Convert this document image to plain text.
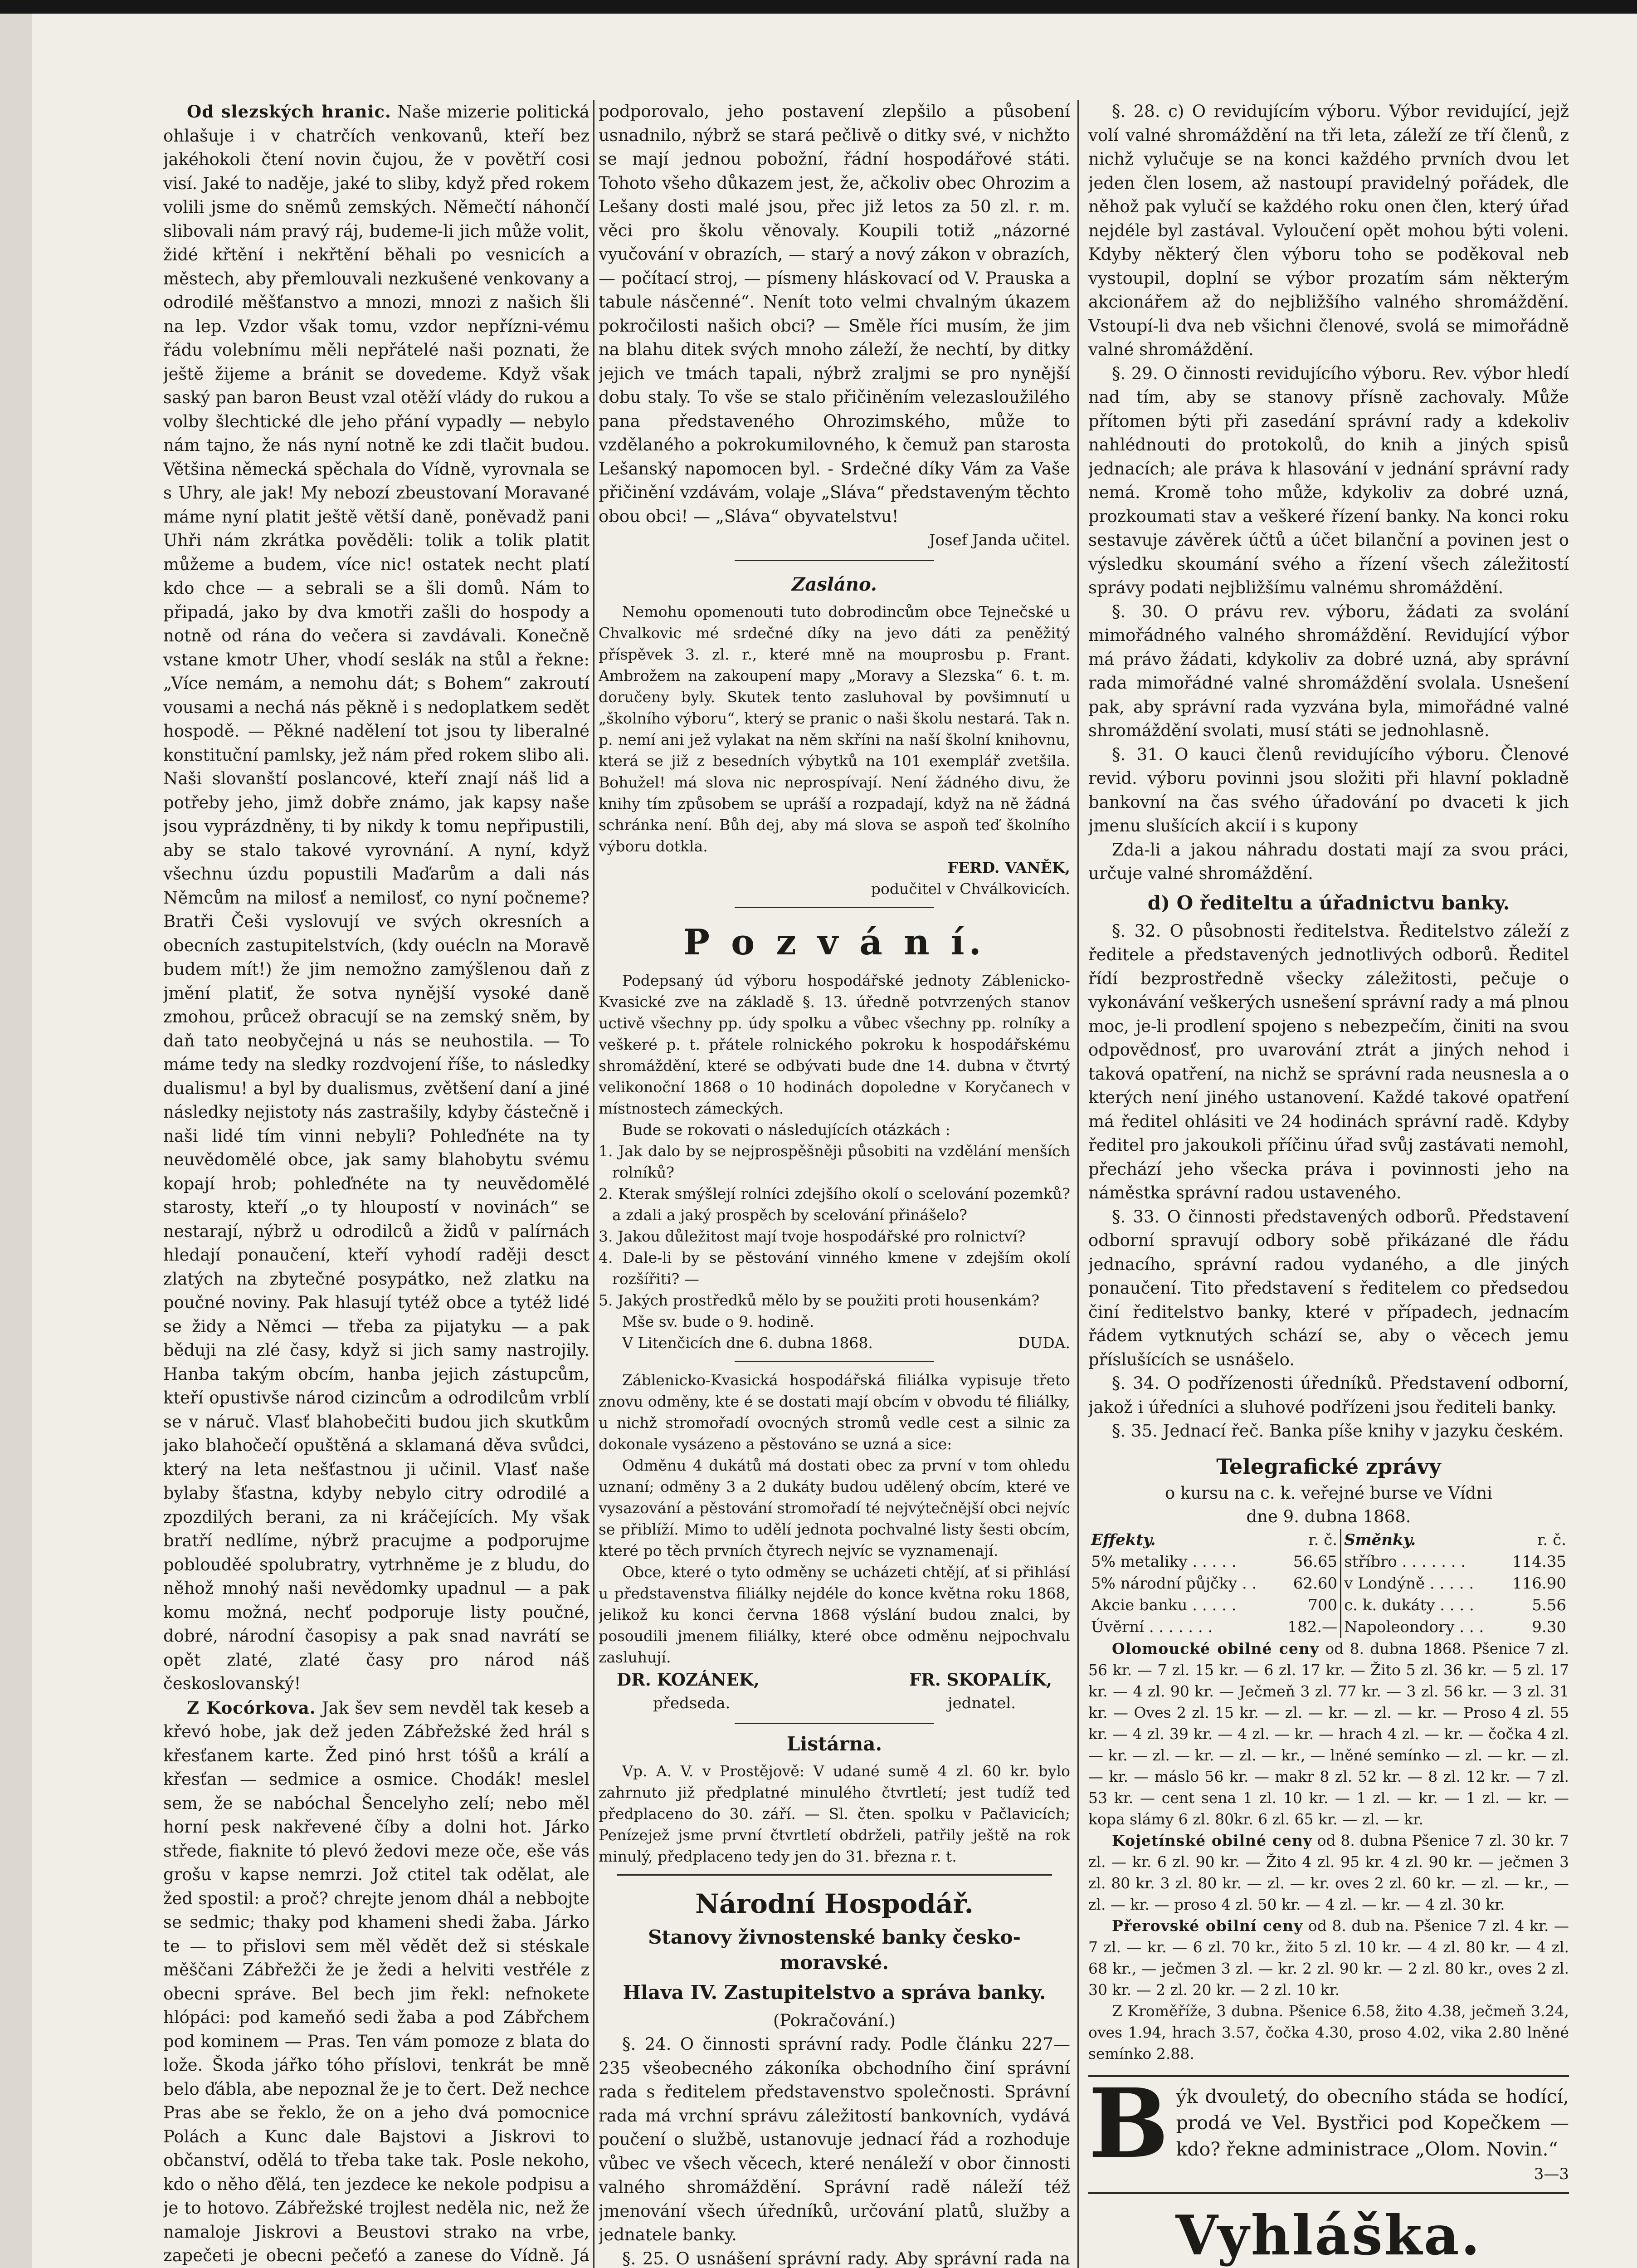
Od slezských hranic. Naše mizerie politická ohlašuje i v chatrčích venkovanů, kteří bez jakéhokoli čtení novin čujou, že v povětří cosi visí. Jaké to naděje, jaké to sliby, když před rokem volili jsme do sněmů zemských. Němečtí náhončí slibovali nám pravý ráj, budeme-li jich může volit, židé křtění i nekřtění běhali po vesnicích a městech, aby přemlouvali nezkušené venkovany a odrodilé měšťanstvo a mnozi, mnozi z našich šli na lep. Vzdor však tomu, vzdor nepřízni-vému řádu volebnímu měli nepřátelé naši poznati, že ještě žijeme a bránit se dovedeme. Když však saský pan baron Beust vzal otěží vlády do rukou a volby šlechtické dle jeho přání vypadly — nebylo nám tajno, že nás nyní notně ke zdi tlačit budou. Většina německá spěchala do Vídně, vyrovnala se s Uhry, ale jak! My nebozí zbeustovaní Moravané máme nyní platit ještě větší daně, poněvadž pani Uhři nám zkrátka pověděli: tolik a tolik platit můžeme a budem, více nic! ostatek necht platí kdo chce — a sebrali se a šli domů. Nám to připadá, jako by dva kmotři zašli do hospody a notně od rána do večera si zavdávali. Konečně vstane kmotr Uher, vhodí seslák na stůl a řekne: „Více nemám, a nemohu dát; s Bohem“ zakroutí vousami a nechá nás pěkně i s nedoplatkem sedět hospodě. — Pěkné nadělení tot jsou ty liberalné konstituční pamlsky, jež nám před rokem slibo ali. Naši slovanští poslancové, kteří znají náš lid a potřeby jeho, jimž dobře známo, jak kapsy naše jsou vyprázdněny, ti by nikdy k tomu nepřipustili, aby se stalo takové vyrovnání. A nyní, když všechnu úzdu popustili Maďarům a dali nás Němcům na milosť a nemilosť, co nyní počneme? Bratři Češi vyslovují ve svých okresních a obecních zastupitelstvích, (kdy ouécln na Moravě budem mít!) že jim nemožno zamýšlenou daň z jmění platiť, že sotva nynější vysoké daně zmohou, průcež obracují se na zemský sněm, by daň tato neobyčejná u nás se neuhostila. — To máme tedy na sledky rozdvojení říše, to následky dualismu! a byl by dualismus, zvětšení daní a jiné následky nejistoty nás zastrašily, kdyby částečně i naši lidé tím vinni nebyli? Pohleďnéte na ty neuvědomělé obce, jak samy blahobytu svému kopají hrob; pohleďnéte na ty neuvědomělé starosty, kteří „o ty hloupostí v novinách“ se nestarají, nýbrž u odrodilců a židů v palírnách hledají ponaučení, kteří vyhodí raději desct zlatých na zbytečné posypátko, než zlatku na poučné noviny. Pak hlasují tytéž obce a tytéž lidé se židy a Němci — třeba za pijatyku — a pak běduji na zlé časy, když si jich samy nastrojily. Hanba takým obcím, hanba jejich zástupcům, kteří opustivše národ cizincům a odrodilcům vrblí se v náruč. Vlasť blahobečiti budou jich skutkům jako blahočečí opuštěná a sklamaná děva svůdci, který na leta nešťastnou ji učinil. Vlasť naše bylaby šťastna, kdyby nebylo citry odrodilé a zpozdilých berani, za ni kráčejících. My však bratří nedlíme, nýbrž pracujme a podporujme poblouděé spolubratry, vytrhněme je z bludu, do něhož mnohý naši nevědomky upadnul — a pak komu možná, nechť podporuje listy poučné, dobré, národní časopisy a pak snad navrátí se opět zlaté, zlaté časy pro národ náš českoslovanský!

Z Kocórkova. Jak šev sem nevděl tak keseb a křevó hobe, jak dež jeden Zábřežské žed hrál s křesťanem karte. Žed pinó hrst tóšů a králí a křesťan — sedmice a osmice. Chodák! meslel sem, že se nabóchal Šencelyho zelí; nebo měl horní pesk nakřevené číby a dolni hot. Járko střede, fiaknite tó plevó žedovi meze oče, eše vás grošu v kapse nemrzi. Jož ctitel tak odělat, ale žed spostil: a proč? chrejte jenom dhál a nebbojte se sedmic; thaky pod khameni shedi žaba. Járko te — to přislovi sem měl vědět dež si stéskale měščani Zábřežči že je žedi a helviti vestřéle z obecni správe. Bel bech jim řekl: nefnokete hlópáci: pod kameňó sedi žaba a pod Zábřchem pod kominem — Pras. Ten vám pomoze z blata do lože. Škoda jářko tóho příslovi, tenkrát be mně belo ďábla, abe nepoznal že je to čert. Dež nechce Pras abe se řeklo, že on a jeho dvá pomocnice Polách a Kunc dale Bajstovi a Jiskrovi to občanství, odělá to třeba take tak. Posle nekoho, kdo o něho ďělá, ten jezdece ke nekole podpisu a je to hotovo. Zábřežské trojlest neděla nic, než že namaloje Jiskrovi a Beustovi strako na vrbe, zapečeti je obecni pečeťó a zanese do Vídně. Já

podporovalo, jeho postavení zlepšilo a působení usnadnilo, nýbrž se stará pečlivě o ditky své, v nichžto se mají jednou pobožní, řádní hospodářové státi. Tohoto všeho důkazem jest, že, ačkoliv obec Ohrozim a Lešany dosti malé jsou, přec již letos za 50 zl. r. m. věci pro školu věnovaly. Koupili totiž „názorné vyučování v obrazích, — starý a nový zákon v obrazích, — počítací stroj, — písmeny hláskovací od V. Prauska a tabule násčenné“. Nenít toto velmi chvalným úkazem pokročilosti našich obci? — Směle říci musím, že jim na blahu ditek svých mnoho záleží, že nechtí, by ditky jejich ve tmách tapali, nýbrž zraljmi se pro nynější dobu staly. To vše se stalo přičiněním velezasloužilého pana představeného Ohrozimského, může to vzdělaného a pokrokumilovného, k čemuž pan starosta Lešanský napomocen byl. - Srdečné díky Vám za Vaše přičinění vzdávám, volaje „Sláva“ představeným těchto obou obci! — „Sláva“ obyvatelstvu!

Josef Janda učitel.

Zasláno.

Nemohu opomenouti tuto dobrodincům obce Tejnečské u Chvalkovic mé srdečné díky na jevo dáti za peněžitý příspěvek 3. zl. r., které mně na mouprosbu p. Frant. Ambrožem na zakoupení mapy „Moravy a Slezska“ 6. t. m. doručeny byly. Skutek tento zasluhoval by povšimnutí u „školního výboru“, který se pranic o naši školu nestará. Tak n. p. nemí ani jež vylakat na něm skříni na naší školní knihovnu, která se již z besedních výbytků na 101 exemplář zvetšila. Bohužel! má slova nic neprospívají. Není žádného divu, že knihy tím způsobem se upráší a rozpadají, když na ně žádná schránka není. Bůh dej, aby má slova se aspoň teď školního výboru dotkla.

FERD. VANĚK,

podučitel v Chválkovicích.

P o z v á n í.

Podepsaný úd výboru hospodářské jednoty Záblenicko-Kvasické zve na základě §. 13. úředně potvrzených stanov uctivě všechny pp. údy spolku a vůbec všechny pp. rolníky a veškeré p. t. přátele rolnického pokroku k hospodářskému shromáždění, které se odbývati bude dne 14. dubna v čtvrtý velikonoční 1868 o 10 hodinách dopoledne v Koryčanech v místnostech zámeckých.

Bude se rokovati o následujících otázkách :

1. Jak dalo by se nejprospěšněji působiti na vzdělání menších rolníků?

2. Kterak smýšlejí rolníci zdejšího okolí o scelování pozemků? a zdali a jaký prospěch by scelování přinášelo?

3. Jakou důležitost mají tvoje hospodářské pro rolnictví?

4. Dale-li by se pěstování vinného kmene v zdejším okolí rozšířiti? —

5. Jakých prostředků mělo by se použiti proti housenkám?

Mše sv. bude o 9. hodině.

V Litenčicích dne 6. dubna 1868.	DUDA.

Záblenicko-Kvasická hospodářská filiálka vypisuje třeto znovu odměny, kte é se dostati mají obcím v obvodu té filiálky, u nichž stromořadí ovocných stromů vedle cest a silnic za dokonale vysázeno a pěstováno se uzná a sice:

Odměnu 4 dukátů má dostati obec za první v tom ohledu uznaní; odměny 3 a 2 dukáty budou udělený obcím, které ve vysazování a pěstování stromořadí té nejvýtečnější obci nejvíc se přiblíží. Mimo to udělí jednota pochvalné listy šesti obcím, které po těch prvních čtyrech nejvíc se vyznamenají.

Obce, které o tyto odměny se ucházeti chtějí, ať si přihlásí u představenstva filiálky nejdéle do konce května roku 1868, jelikož ku konci června 1868 výslání budou znalci, by posoudili jmenem filiálky, které obce odměnu nejpochvalu zasluhují.

DR. KOZÁNEK,	FR. SKOPALÍK,
předseda.	jednatel.

Listárna.

Vp. A. V. v Prostějově: V udané sumě 4 zl. 60 kr. bylo zahrnuto již předplatné minulého čtvrtletí; jest tudíž teď předplaceno do 30. září. — Sl. čten. spolku v Pačlavicích; Penízejež jsme první čtvrtletí obdrželi, patřily ještě na rok minulý, předplaceno tedy jen do 31. března r. t.

Národní Hospodář.

Stanovy živnostenské banky česko-moravské.

Hlava IV. Zastupitelstvo a správa banky.

(Pokračování.)

§. 24. O činnosti správní rady. Podle článku 227—235 všeobecného zákoníka obchodního činí správní rada s ředitelem představenstvo společnosti. Správní rada má vrchní správu záležitostí bankovních, vydává poučení o službě, ustanovuje jednací řád a rozhoduje vůbec ve všech věcech, které nenáleží v obor činnosti valného shromáždění. Správní radě náleží též jmenování všech úředníků, určování platů, služby a jednatele banky.

§. 25. O usnášení správní rady. Aby správní rada na

§. 28. c) O revidujícím výboru. Výbor revidující, jejž volí valné shromáždění na tři leta, záleží ze tří členů, z nichž vylučuje se na konci každého prvních dvou let jeden člen losem, až nastoupí pravidelný pořádek, dle něhož pak vylučí se každého roku onen člen, který úřad nejdéle byl zastával. Vyloučení opět mohou býti voleni. Kdyby některý člen výboru toho se poděkoval neb vystoupil, doplní se výbor prozatím sám některým akcionářem až do nejbližšího valného shromáždění. Vstoupí-li dva neb všichni členové, svolá se mimořádně valné shromáždění.

§. 29. O činnosti revidujícího výboru. Rev. výbor hledí nad tím, aby se stanovy přísně zachovaly. Může přítomen býti při zasedání správní rady a kdekoliv nahlédnouti do protokolů, do knih a jiných spisů jednacích; ale práva k hlasování v jednání správní rady nemá. Kromě toho může, kdykoliv za dobré uzná, prozkoumati stav a veškeré řízení banky. Na konci roku sestavuje závěrek účtů a účet bilanční a povinen jest o výsledku skoumání svého a řízení všech záležitostí správy podati nejbližšímu valnému shromáždění.

§. 30. O právu rev. výboru, žádati za svolání mimořádného valného shromáždění. Revidující výbor má právo žádati, kdykoliv za dobré uzná, aby správní rada mimořádné valné shromáždění svolala. Usnešení pak, aby správní rada vyzvána byla, mimořádné valné shromáždění svolati, musí státi se jednohlasně.

§. 31. O kauci členů revidujícího výboru. Členové revid. výboru povinni jsou složiti při hlavní pokladně bankovní na čas svého úřadování po dvaceti k jich jmenu slušících akcií i s kupony

Zda-li a jakou náhradu dostati mají za svou práci, určuje valné shromáždění.

d) O řediteltu a úřadnictvu banky.

§. 32. O působnosti ředitelstva. Ředitelstvo záleží z ředitele a představených jednotlivých odborů. Ředitel řídí bezprostředně všecky záležitosti, pečuje o vykonávání veškerých usnešení správní rady a má plnou moc, je-li prodlení spojeno s nebezpečím, činiti na svou odpovědnosť, pro uvarování ztrát a jiných nehod i taková opatření, na nichž se správní rada neusnesla a o kterých není jiného ustanovení. Každé takové opatření má ředitel ohlásiti ve 24 hodinách správní radě. Kdyby ředitel pro jakoukoli příčinu úřad svůj zastávati nemohl, přechází jeho všecka práva i povinnosti jeho na náměstka správní radou ustaveného.

§. 33. O činnosti představených odborů. Představení odborní spravují odbory sobě přikázané dle řádu jednacího, správní radou vydaného, a dle jiných ponaučení. Tito představení s ředitelem co předsedou činí ředitelstvo banky, které v případech, jednacím řádem vytknutých schází se, aby o věcech jemu příslušících se usnášelo.

§. 34. O podřízenosti úředníků. Představení odborní, jakož i úředníci a sluhové podřízeni jsou řediteli banky.

§. 35. Jednací řeč. Banka píše knihy v jazyku českém.

Telegrafické zprávy

o kursu na c. k. veřejné burse ve Vídni

dne 9. dubna 1868.

Effekty.	r. č.	Směnky.	r. č.
5% metaliky . . . . .	56.65	stříbro . . . . . . .	114.35
5% národní půjčky . .	62.60	v Londýně . . . . .	116.90
Akcie banku . . . . .	700	c. k. dukáty . . . .	5.56
Úvěrní . . . . . . .	182.—	Napoleondory . . .	9.30

Olomoucké obilné ceny od 8. dubna 1868. Pšenice 7 zl. 56 kr. — 7 zl. 15 kr. — 6 zl. 17 kr. — Žito 5 zl. 36 kr. — 5 zl. 17 kr. — 4 zl. 90 kr. — Ječmeň 3 zl. 77 kr. — 3 zl. 56 kr. — 3 zl. 31 kr. — Oves 2 zl. 15 kr. — zl. — kr. — zl. — kr. — Proso 4 zl. 55 kr. — 4 zl. 39 kr. — 4 zl. — kr. — hrach 4 zl. — kr. — čočka 4 zl. — kr. — zl. — kr. — zl. — kr., — lněné semínko — zl. — kr. — zl. — kr. — máslo 56 kr. — makr 8 zl. 52 kr. — 8 zl. 12 kr. — 7 zl. 53 kr. — cent sena 1 zl. 10 kr. — 1 zl. — kr. — 1 zl. — kr. — kopa slámy 6 zl. 80kr. 6 zl. 65 kr. — zl. — kr.

Kojetínské obilné ceny od 8. dubna Pšenice 7 zl. 30 kr. 7 zl. — kr. 6 zl. 90 kr. — Žito 4 zl. 95 kr. 4 zl. 90 kr. — ječmen 3 zl. 80 kr. 3 zl. 80 kr. — zl. — kr. oves 2 zl. 60 kr. — zl. — kr., — zl. — kr. — proso 4 zl. 50 kr. — 4 zl. — kr. — 4 zl. 30 kr.

Přerovské obilní ceny od 8. dub na. Pšenice 7 zl. 4 kr. — 7 zl. — kr. — 6 zl. 70 kr., žito 5 zl. 10 kr. — 4 zl. 80 kr. — 4 zl. 68 kr., — ječmen 3 zl. — kr. 2 zl. 90 kr. — 2 zl. 80 kr., oves 2 zl. 30 kr. — 2 zl. 20 kr. — 2 zl. 10 kr.

Z Kroměříže, 3 dubna. Pšenice 6.58, žito 4.38, ječmeň 3.24, oves 1.94, hrach 3.57, čočka 4.30, proso 4.02, vika 2.80 lněné semínko 2.88.

B ýk dvouletý, do obecního stáda se hodící, prodá ve Vel. Bystřici pod Kopečkem — kdo? řekne administrace „Olom. Novin.“

3—3

Vyhláška.
